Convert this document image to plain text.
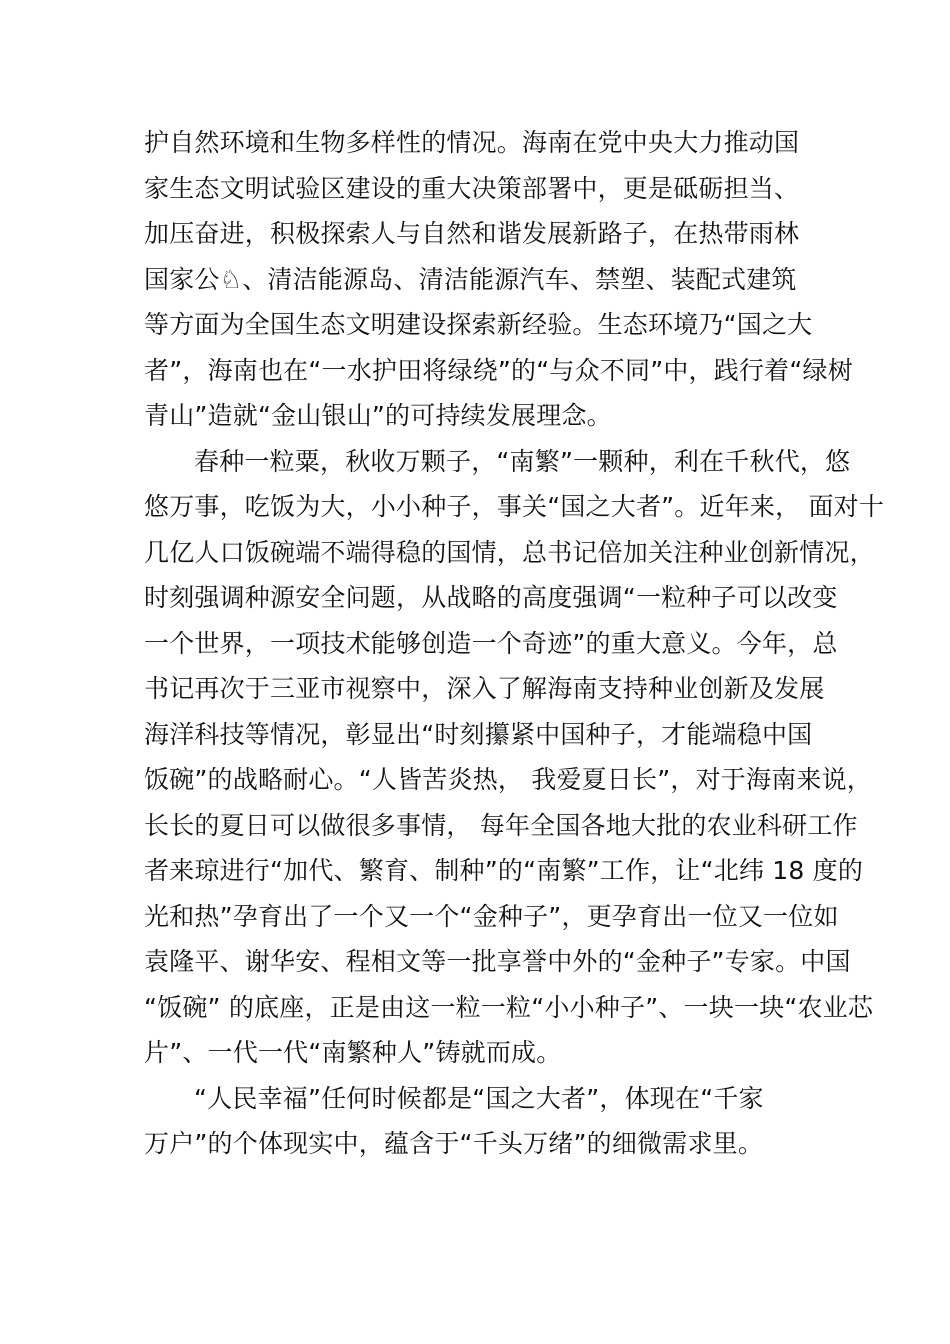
护自然环境和生物多样性的情况。海南在党中央大力推动国
家生态文明试验区建设的重大决策部署中，更是砥砺担当、
加压奋进，积极探索人与自然和谐发展新路子，在热带雨林
国家公♘、清洁能源岛、清洁能源汽车、禁塑、装配式建筑
等方面为全国生态文明建设探索新经验。生态环境乃“国之大
者”，海南也在“一水护田将绿绕”的“与众不同”中，践行着“绿树
青山”造就“金山银山”的可持续发展理念。
春种一粒粟，秋收万颗子，“南繁”一颗种，利在千秋代，悠
悠万事，吃饭为大，小小种子，事关“国之大者”。近年来， 面对十
几亿人口饭碗端不端得稳的国情，总书记倍加关注种业创新情况，
时刻强调种源安全问题，从战略的高度强调“一粒种子可以改变
一个世界，一项技术能够创造一个奇迹”的重大意义。今年，总
书记再次于三亚市视察中，深入了解海南支持种业创新及发展
海洋科技等情况，彰显出“时刻攥紧中国种子，才能端稳中国
饭碗”的战略耐心。“人皆苦炎热， 我爱夏日长”，对于海南来说，
长长的夏日可以做很多事情， 每年全国各地大批的农业科研工作
者来琼进行“加代、繁育、制种”的“南繁”工作，让“北纬 18 度的
光和热”孕育出了一个又一个“金种子”，更孕育出一位又一位如
袁隆平、谢华安、程相文等一批享誉中外的“金种子”专家。中国
“饭碗” 的底座，正是由这一粒一粒“小小种子”、一块一块“农业芯
片”、一代一代“南繁种人”铸就而成。
“人民幸福”任何时候都是“国之大者”，体现在“千家
万户”的个体现实中，蕴含于“千头万绪”的细微需求里。
